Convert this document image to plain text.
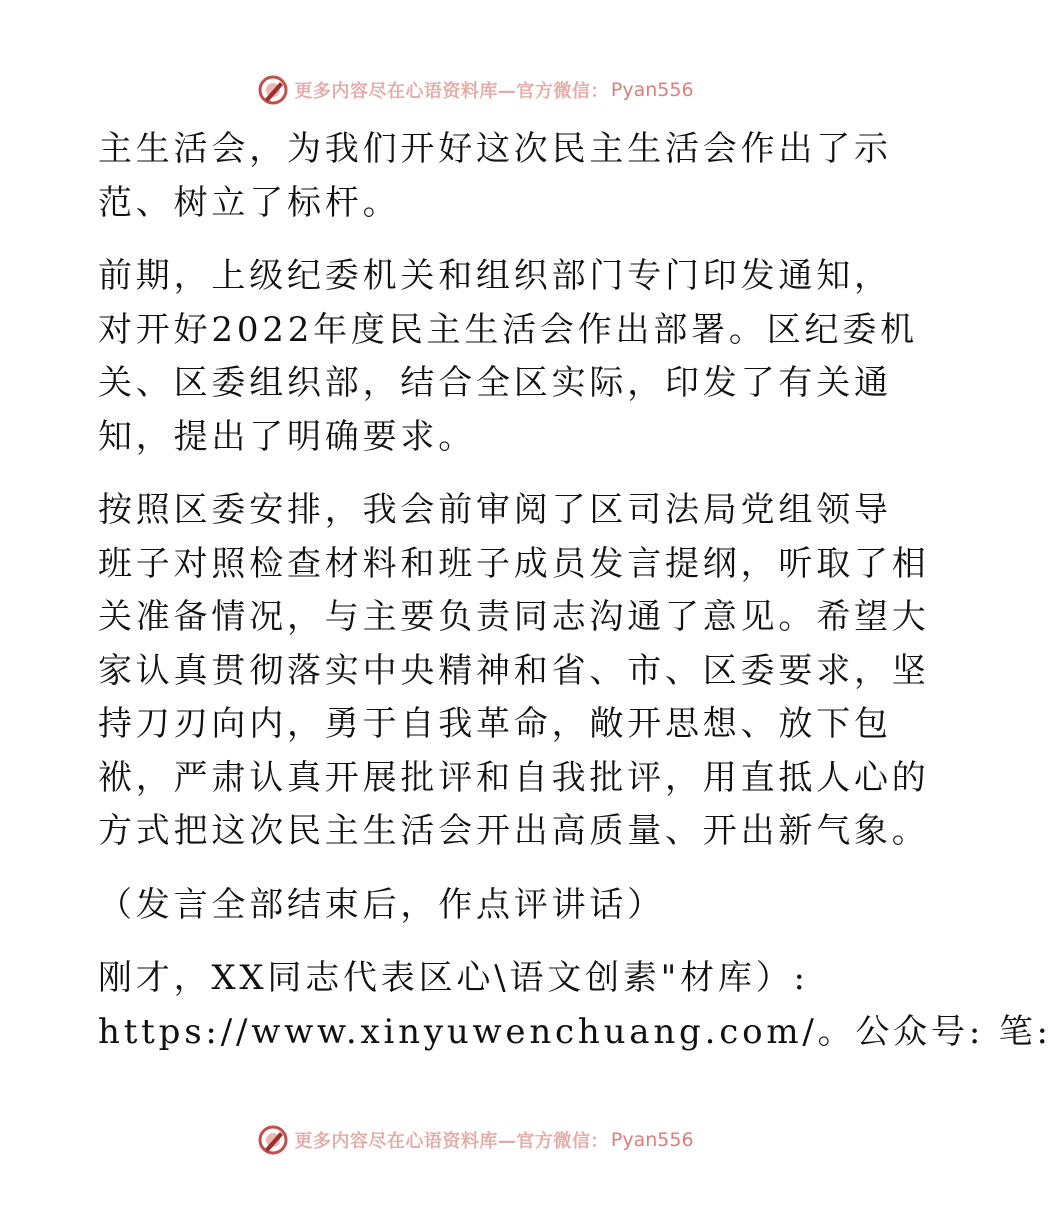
更多内容尽在心语资料库—官方微信： Pyan556

主生活会，为我们开好这次民主生活会作出了示
范、树立了标杆。

前期，上级纪委机关和组织部门专门印发通知，
对开好2022年度民主生活会作出部署。区纪委机
关、区委组织部，结合全区实际，印发了有关通
知，提出了明确要求。

按照区委安排，我会前审阅了区司法局党组领导
班子对照检查材料和班子成员发言提纲，听取了相
关准备情况，与主要负责同志沟通了意见。希望大
家认真贯彻落实中央精神和省、市、区委要求，坚
持刀刃向内，勇于自我革命，敞开思想、放下包
袱，严肃认真开展批评和自我批评，用直抵人心的
方式把这次民主生活会开出高质量、开出新气象。

（发言全部结束后，作点评讲话）

刚才，XX同志代表区心\语文创素"材库）:
https://www.xinyuwenchuang.com/。公众号: 笔:

更多内容尽在心语资料库—官方微信： Pyan556
